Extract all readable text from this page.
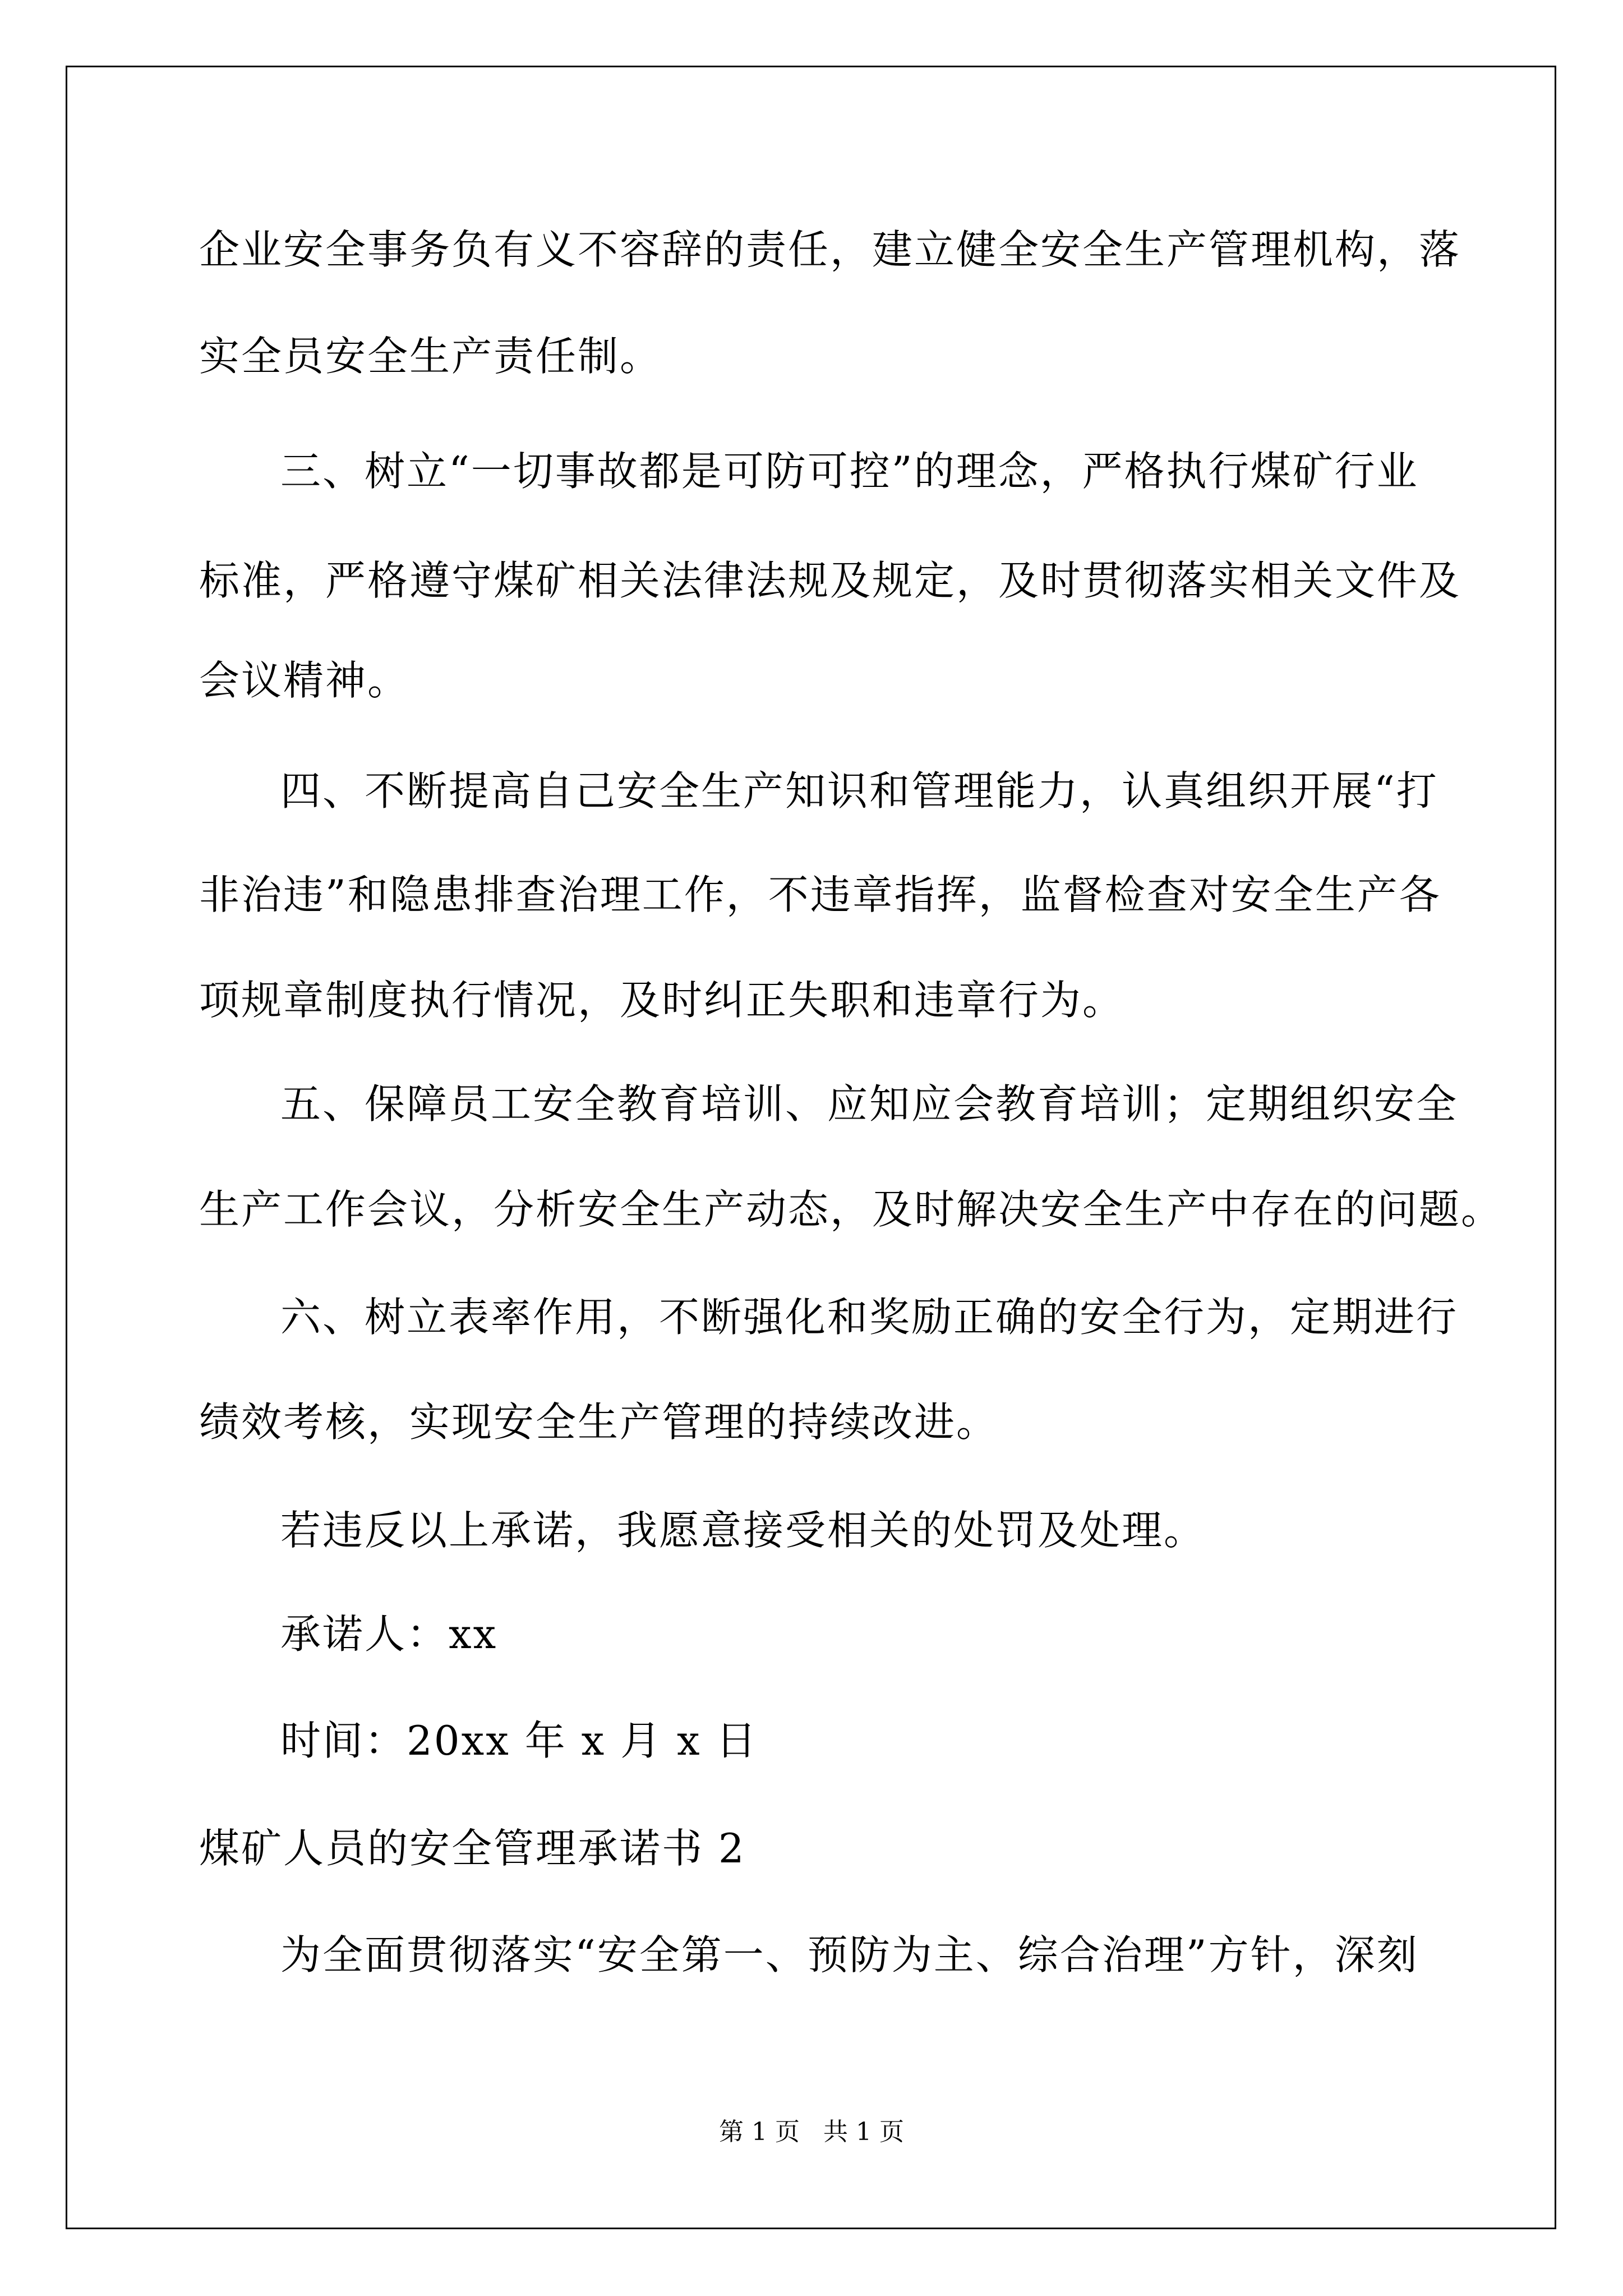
企业安全事务负有义不容辞的责任，建立健全安全生产管理机构，落
实全员安全生产责任制。
三、树立“一切事故都是可防可控”的理念，严格执行煤矿行业
标准，严格遵守煤矿相关法律法规及规定，及时贯彻落实相关文件及
会议精神。
四、不断提高自己安全生产知识和管理能力，认真组织开展“打
非治违”和隐患排查治理工作，不违章指挥，监督检查对安全生产各
项规章制度执行情况，及时纠正失职和违章行为。
五、保障员工安全教育培训、应知应会教育培训；定期组织安全
生产工作会议，分析安全生产动态，及时解决安全生产中存在的问题。
六、树立表率作用，不断强化和奖励正确的安全行为，定期进行
绩效考核，实现安全生产管理的持续改进。
若违反以上承诺，我愿意接受相关的处罚及处理。
承诺人：xx
时间：20xx 年 x 月 x 日
煤矿人员的安全管理承诺书 2
为全面贯彻落实“安全第一、预防为主、综合治理”方针，深刻
第 1 页   共 1 页
